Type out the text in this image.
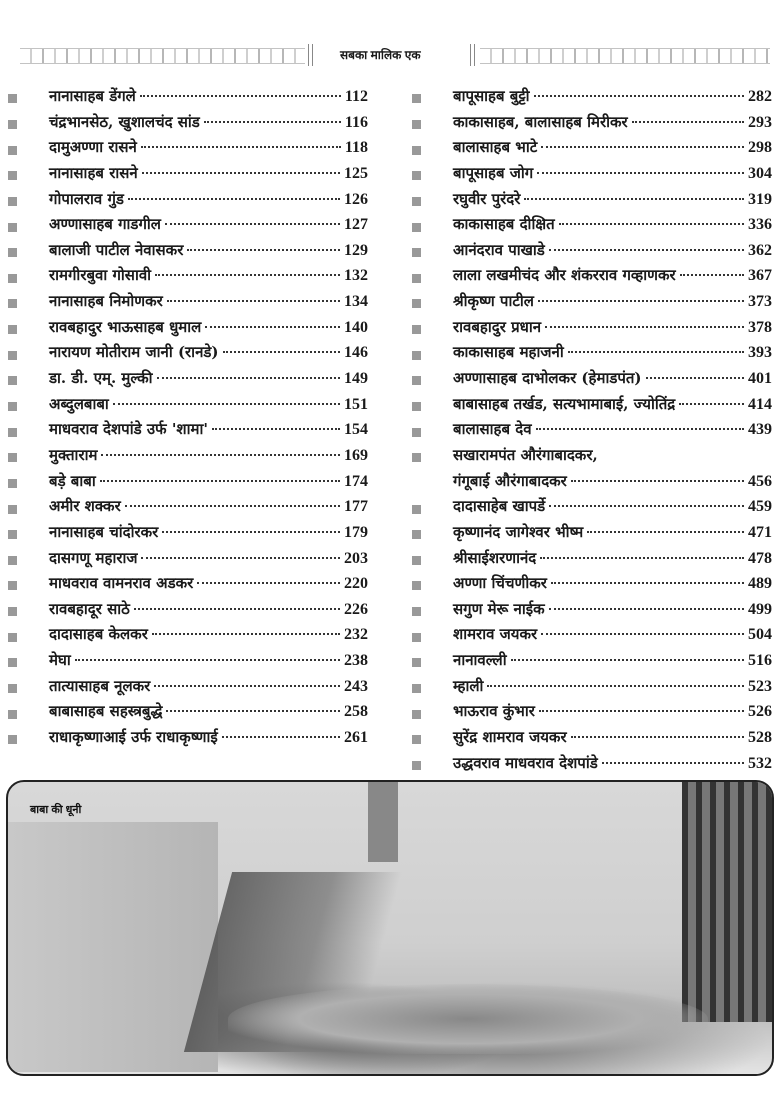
सबका मालिक एक
नानासाहब डेंगले	112
चंद्रभानसेठ, खुशालचंद सांड	116
दामुअण्णा रासने	118
नानासाहब रासने	125
गोपालराव गुंड	126
अण्णासाहब गाडगील	127
बालाजी पाटील नेवासकर	129
रामगीरबुवा गोसावी	132
नानासाहब निमोणकर	134
रावबहादुर भाऊसाहब धुमाल	140
नारायण मोतीराम जानी (रानडे)	146
डा. डी. एम्. मुल्की	149
अब्दुलबाबा	151
माधवराव देशपांडे उर्फ 'शामा'	154
मुक्ताराम	169
बड़े बाबा	174
अमीर शक्कर	177
नानासाहब चांदोरकर	179
दासगणू महाराज	203
माधवराव वामनराव अडकर	220
रावबहादूर साठे	226
दादासाहब केलकर	232
मेघा	238
तात्यासाहब नूलकर	243
बाबासाहब सहस्त्रबुद्धे	258
राधाकृष्णाआई उर्फ राधाकृष्णाई	261
बापूसाहब बुट्टी	282
काकासाहब, बालासाहब मिरीकर	293
बालासाहब भाटे	298
बापूसाहब जोग	304
रघुवीर पुरंदरे	319
काकासाहब दीक्षित	336
आनंदराव पाखाडे	362
लाला लखमीचंद और शंकरराव गव्हाणकर	367
श्रीकृष्ण पाटील	373
रावबहादुर प्रधान	378
काकासाहब महाजनी	393
अण्णासाहब दाभोलकर (हेमाडपंत)	401
बाबासाहब तर्खड, सत्यभामाबाई, ज्योतिंद्र	414
बालासाहब देव	439
सखारामपंत औरंगाबादकर,
गंगूबाई औरंगाबादकर	456
दादासाहेब खापर्डे	459
कृष्णानंद जागेश्वर भीष्म	471
श्रीसाईशरणानंद	478
अण्णा चिंचणीकर	489
सगुण मेरू नाईक	499
शामराव जयकर	504
नानावल्ली	516
म्हाली	523
भाऊराव कुंभार	526
सुरेंद्र शामराव जयकर	528
उद्धवराव माधवराव देशपांडे	532
बाबा की धूनी
